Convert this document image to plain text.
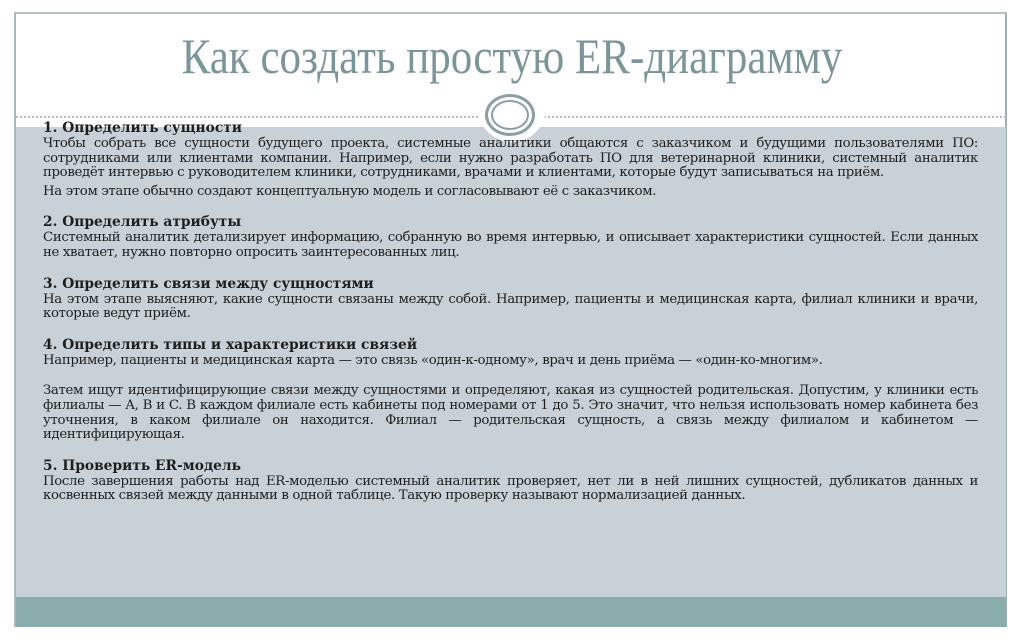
Как создать простую ER-диаграмму
1. Определить сущности

Чтобы собрать все сущности будущего проекта, системные аналитики общаются с заказчиком и будущими пользователями ПО: сотрудниками или клиентами компании. Например, если нужно разработать ПО для ветеринарной клиники, системный аналитик проведёт интервью с руководителем клиники, сотрудниками, врачами и клиентами, которые будут записываться на приём.

На этом этапе обычно создают концептуальную модель и согласовывают её с заказчиком.

2. Определить атрибуты

Системный аналитик детализирует информацию, собранную во время интервью, и описывает характеристики сущностей. Если данных не хватает, нужно повторно опросить заинтересованных лиц.

3. Определить связи между сущностями

На этом этапе выясняют, какие сущности связаны между собой. Например, пациенты и медицинская карта, филиал клиники и врачи, которые ведут приём.

4. Определить типы и характеристики связей

Например, пациенты и медицинская карта — это связь «один-к-одному», врач и день приёма — «один-ко-многим».

Затем ищут идентифицирующие связи между сущностями и определяют, какая из сущностей родительская. Допустим, у клиники есть филиалы — A, B и C. В каждом филиале есть кабинеты под номерами от 1 до 5. Это значит, что нельзя использовать номер кабинета без уточнения, в каком филиале он находится. Филиал — родительская сущность, а связь между филиалом и кабинетом — идентифицирующая.

5. Проверить ER-модель

После завершения работы над ER-моделью системный аналитик проверяет, нет ли в ней лишних сущностей, дубликатов данных и косвенных связей между данными в одной таблице. Такую проверку называют нормализацией данных.
